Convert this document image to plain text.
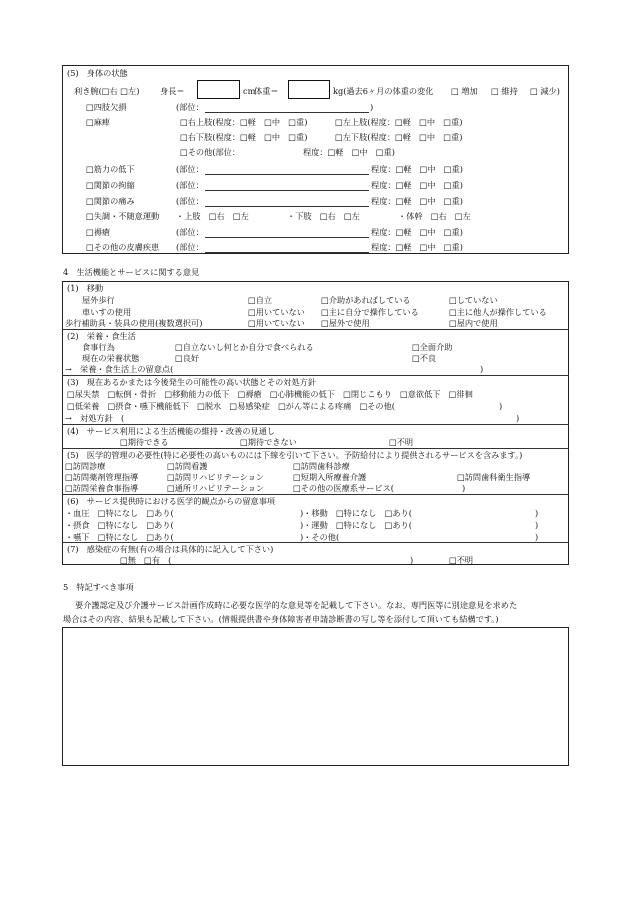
(5)　身体の状態
利き腕(□右 □左)	身長＝	cm
体重＝	kg(過去6ヶ月の体重の変化 □ 増加 □ 維持 □ 減少)
□四肢欠損	(部位：	)
□麻痺	□右上肢(程度：□軽　□中　□重)	□左上肢(程度：□軽　□中　□重)
□右下肢(程度：□軽　□中　□重)	□左下肢(程度：□軽　□中　□重)
□その他(部位：	程度：□軽　□中　□重)
□筋力の低下	(部位：	程度：□軽　□中　□重)
□関節の拘縮	(部位：	程度：□軽　□中　□重)
□関節の痛み	(部位：	程度：□軽　□中　□重)
□失調・不随意運動 ・上肢　□右　□左	・下肢　□右　□左	・体幹　□右　□左
□褥瘡	(部位：	程度：□軽　□中　□重)
□その他の皮膚疾患 (部位：	程度：□軽　□中　□重)
4　生活機能とサービスに関する意見
(1)　移動
屋外歩行	□自立	□介助があればしている	□していない
車いすの使用	□用いていない □主に自分で操作している	□主に他人が操作している
歩行補助具・装具の使用(複数選択可)	□用いていない □屋外で使用	□屋内で使用
(2)　栄養・食生活
食事行為	□自立ないし何とか自分で食べられる	□全面介助
現在の栄養状態	□良好	□不良
→　栄養・食生活上の留意点(	)
(3)　現在あるかまたは今後発生の可能性の高い状態とその対処方針
□尿失禁　□転倒・骨折　□移動能力の低下　□褥瘡　□心肺機能の低下　□閉じこもり　□意欲低下　□徘徊
□低栄養　□摂食・嚥下機能低下　□脱水　□易感染症　□がん等による疼痛　□その他(	)
→　対処方針　(	)
(4)　サービス利用による生活機能の維持・改善の見通し
□期待できる	□期待できない	□不明
(5)　医学的管理の必要性(特に必要性の高いものには下線を引いて下さい。予防給付により提供されるサービスを含みます。)
□訪問診療	□訪問看護	□訪問歯科診療
□訪問薬剤管理指導	□訪問リハビリテーション	□短期入所療養介護	□訪問歯科衛生指導
□訪問栄養食事指導	□通所リハビリテーション	□その他の医療系サービス(	)
(6)　サービス提供時における医学的観点からの留意事項
・血圧　□特になし　□あり(	)・移動　□特になし　□あり(	)
・摂食　□特になし　□あり(	)・運動　□特になし　□あり(	)
・嚥下　□特になし　□あり(	)・その他(	)
(7)　感染症の有無(有の場合は具体的に記入して下さい)
□無 □有　(	)	□不明
5　特記すべき事項
要介護認定及び介護サービス計画作成時に必要な医学的な意見等を記載して下さい。なお、専門医等に別途意見を求めた
場合はその内容、結果も記載して下さい。(情報提供書や身体障害者申請診断書の写し等を添付して頂いても結構です。)
